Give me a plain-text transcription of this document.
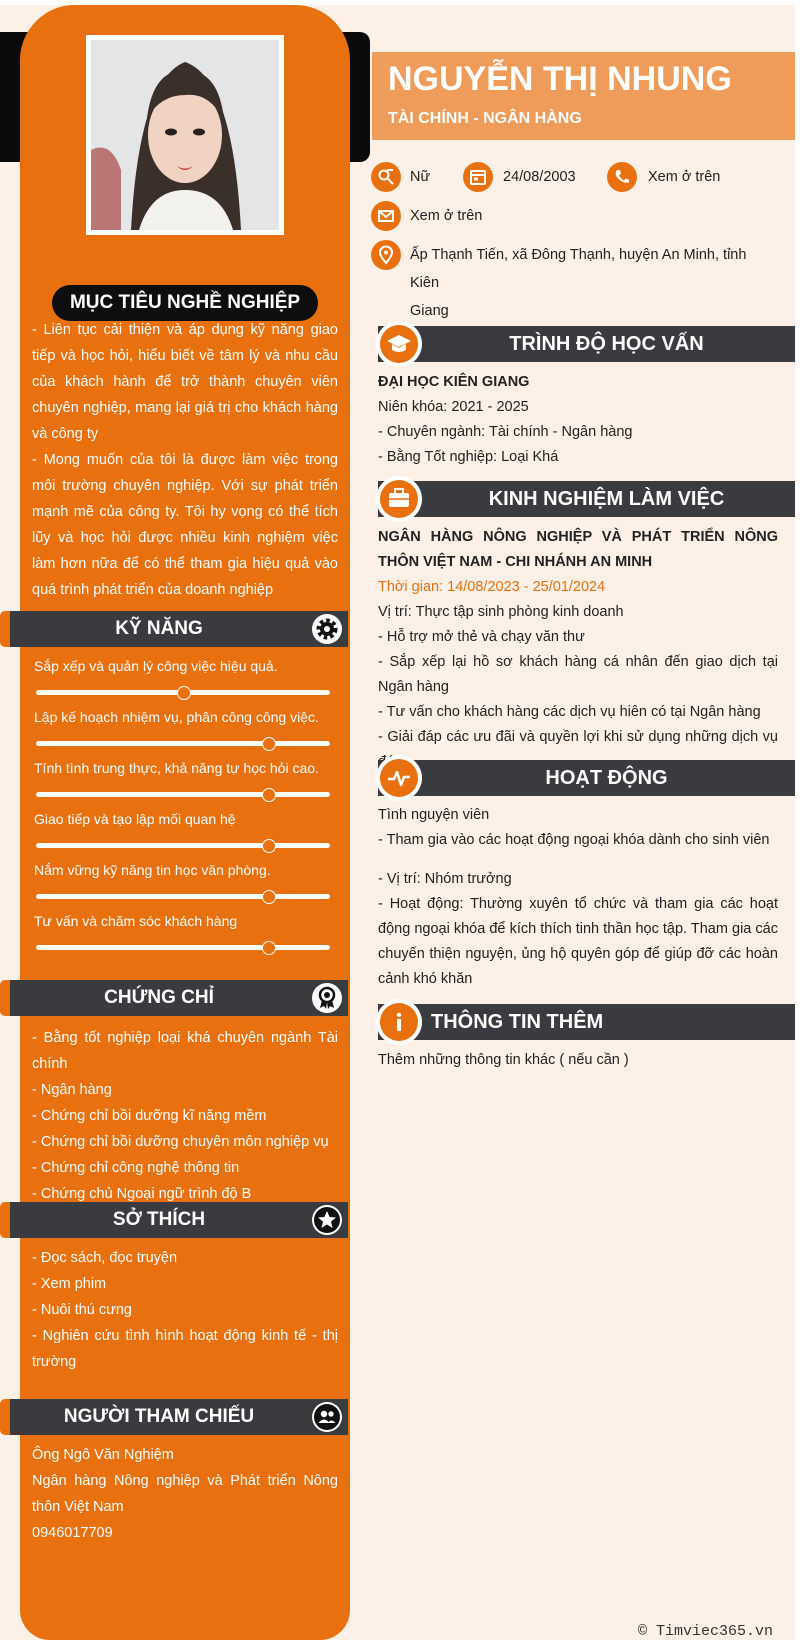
MỤC TIÊU NGHỀ NGHIỆP
- Liên tục cải thiện và áp dụng kỹ năng giao tiếp và học hỏi, hiểu biết về tâm lý và nhu cầu của khách hành để trở thành chuyên viên chuyên nghiệp, mang lại giá trị cho khách hàng và công ty
- Mong muốn của tôi là được làm việc trong môi trường chuyên nghiệp. Với sự phát triển mạnh mẽ của công ty. Tôi hy vọng có thể tích lũy và học hỏi được nhiều kinh nghiệm việc làm hơn nữa để có thể tham gia hiệu quả vào quá trình phát triển của doanh nghiệp
KỸ NĂNG
Sắp xếp và quản lý công việc hiệu quả.
Lập kế hoạch nhiệm vụ, phân công công việc.
Tính tình trung thực, khả năng tự học hỏi cao.
Giao tiếp và tạo lập mối quan hệ
Nắm vững kỹ năng tin học văn phòng.
Tư vấn và chăm sóc khách hàng
CHỨNG CHỈ
- Bằng tốt nghiệp loại khá chuyên ngành Tài chính
- Ngân hàng
- Chứng chỉ bồi dưỡng kĩ năng mềm
- Chứng chỉ bồi dưỡng chuyên môn nghiệp vụ
- Chứng chỉ công nghệ thông tin
- Chứng chủ Ngoại ngữ trình độ B
SỞ THÍCH
- Đọc sách, đọc truyện
- Xem phim
- Nuôi thú cưng
- Nghiên cứu tình hình hoạt động kinh tế - thị trường
NGƯỜI THAM CHIẾU
Ông Ngô Văn Nghiệm
Ngân hàng Nông nghiệp và Phát triển Nông thôn Việt Nam
0946017709
NGUYỄN THỊ NHUNG
TÀI CHÍNH - NGÂN HÀNG
Nữ	24/08/2003	Xem ở trên
Xem ở trên
Ấp Thạnh Tiến, xã Đông Thạnh, huyện An Minh, tỉnh Kiên
Giang
TRÌNH ĐỘ HỌC VẤN
ĐẠI HỌC KIÊN GIANG
Niên khóa: 2021 - 2025
- Chuyên ngành: Tài chính - Ngân hàng
- Bằng Tốt nghiệp: Loại Khá
KINH NGHIỆM LÀM VIỆC
NGÂN HÀNG NÔNG NGHIỆP VÀ PHÁT TRIỂN NÔNG THÔN VIỆT NAM - CHI NHÁNH AN MINH
Thời gian: 14/08/2023 - 25/01/2024
Vị trí: Thực tập sinh phòng kinh doanh
- Hỗ trợ mở thẻ và chạy văn thư
- Sắp xếp lại hồ sơ khách hàng cá nhân đến giao dịch tại Ngân hàng
- Tư vấn cho khách hàng các dịch vụ hiên có tại Ngân hàng
- Giải đáp các ưu đãi và quyền lợi khi sử dụng những dịch vụ
HOẠT ĐỘNG
Tình nguyện viên
- Tham gia vào các hoạt động ngoại khóa dành cho sinh viên
- Vị trí: Nhóm trưởng
- Hoạt động: Thường xuyên tổ chức và tham gia các hoạt động ngoại khóa để kích thích tinh thần học tập. Tham gia các chuyến thiện nguyện, ủng hộ quyên góp để giúp đỡ các hoàn cảnh khó khăn
THÔNG TIN THÊM
Thêm những thông tin khác ( nếu cần )
© Timviec365.vn
